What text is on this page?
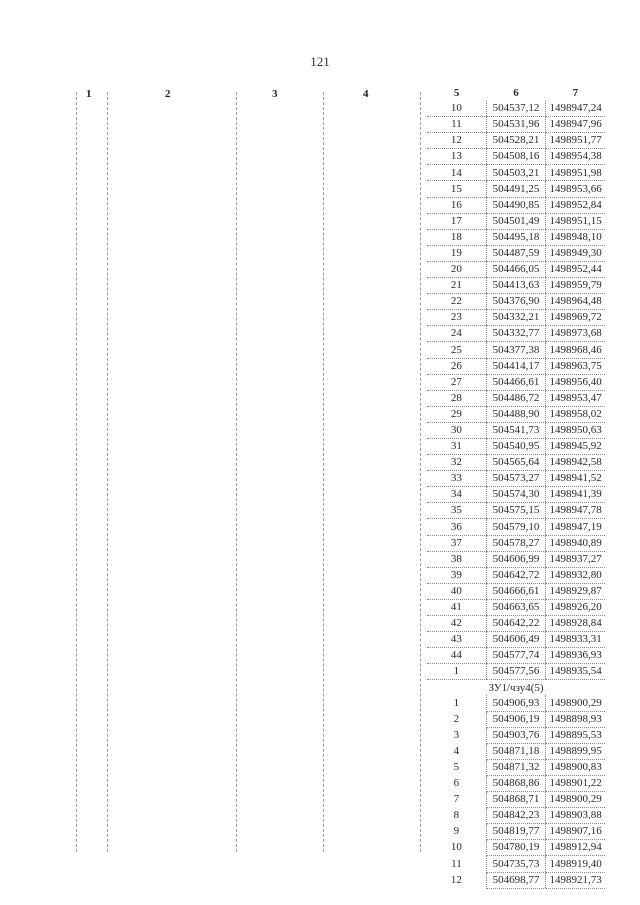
121
1	2	3	4	5	6	7
10	504537,12	1498947,24
11	504531,96	1498947,96
12	504528,21	1498951,77
13	504508,16	1498954,38
14	504503,21	1498951,98
15	504491,25	1498953,66
16	504490,85	1498952,84
17	504501,49	1498951,15
18	504495,18	1498948,10
19	504487,59	1498949,30
20	504466,05	1498952,44
21	504413,63	1498959,79
22	504376,90	1498964,48
23	504332,21	1498969,72
24	504332,77	1498973,68
25	504377,38	1498968,46
26	504414,17	1498963,75
27	504466,61	1498956,40
28	504486,72	1498953,47
29	504488,90	1498958,02
30	504541,73	1498950,63
31	504540,95	1498945,92
32	504565,64	1498942,58
33	504573,27	1498941,52
34	504574,30	1498941,39
35	504575,15	1498947,78
36	504579,10	1498947,19
37	504578,27	1498940,89
38	504606,99	1498937,27
39	504642,72	1498932,80
40	504666,61	1498929,87
41	504663,65	1498926,20
42	504642,22	1498928,84
43	504606,49	1498933,31
44	504577,74	1498936,93
1	504577,56	1498935,54
ЗУ1/чзу4(5)		
1	504906,93	1498900,29
2	504906,19	1498898,93
3	504903,76	1498895,53
4	504871,18	1498899,95
5	504871,32	1498900,83
6	504868,86	1498901,22
7	504868,71	1498900,29
8	504842,23	1498903,88
9	504819,77	1498907,16
10	504780,19	1498912,94
11	504735,73	1498919,40
12	504698,77	1498921,73
